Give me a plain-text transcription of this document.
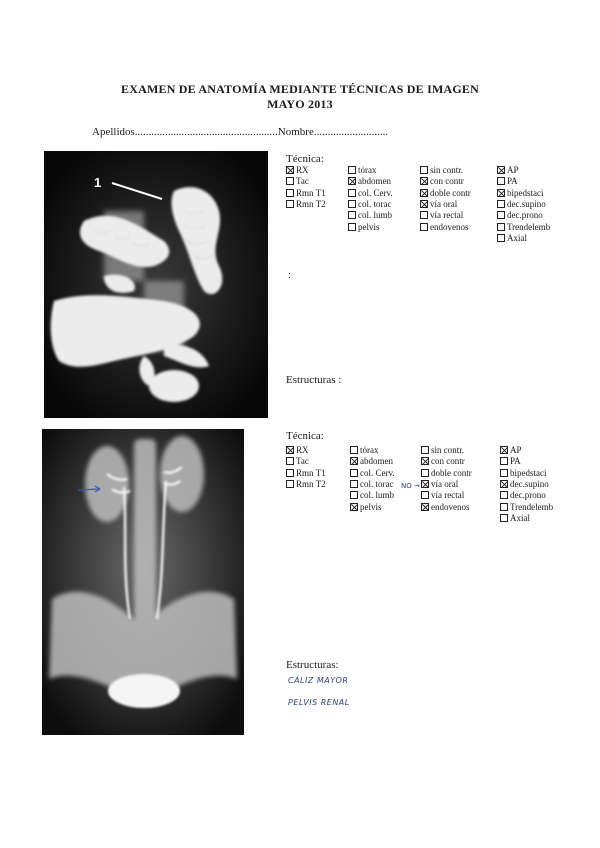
EXAMEN DE ANATOMÍA MEDIANTE TÉCNICAS DE IMAGEN
MAYO 2013
Apellidos....................................................Nombre...........................
1
Técnica:
:
Estructuras :
Técnica:
NO →
Estructuras:
CÁLIZ MAYOR
PELVIS RENAL
RX
Tac
Rmn T1
Rmn T2
tórax
abdomen
col. Cerv.
col. torac
col. lumb
pelvis
sin contr.
con contr
doble contr
vía oral
vía rectal
endovenos
AP
PA
bipedstaci
dec.supino
dec.prono
Trendelemb
Axial
RX
Tac
Rmn T1
Rmn T2
tórax
abdomen
col. Cerv.
col. torac
col. lumb
pelvis
sin contr.
con contr
doble contr
vía oral
vía rectal
endovenos
AP
PA
bipedstaci
dec.supino
dec.prono
Trendelemb
Axial
